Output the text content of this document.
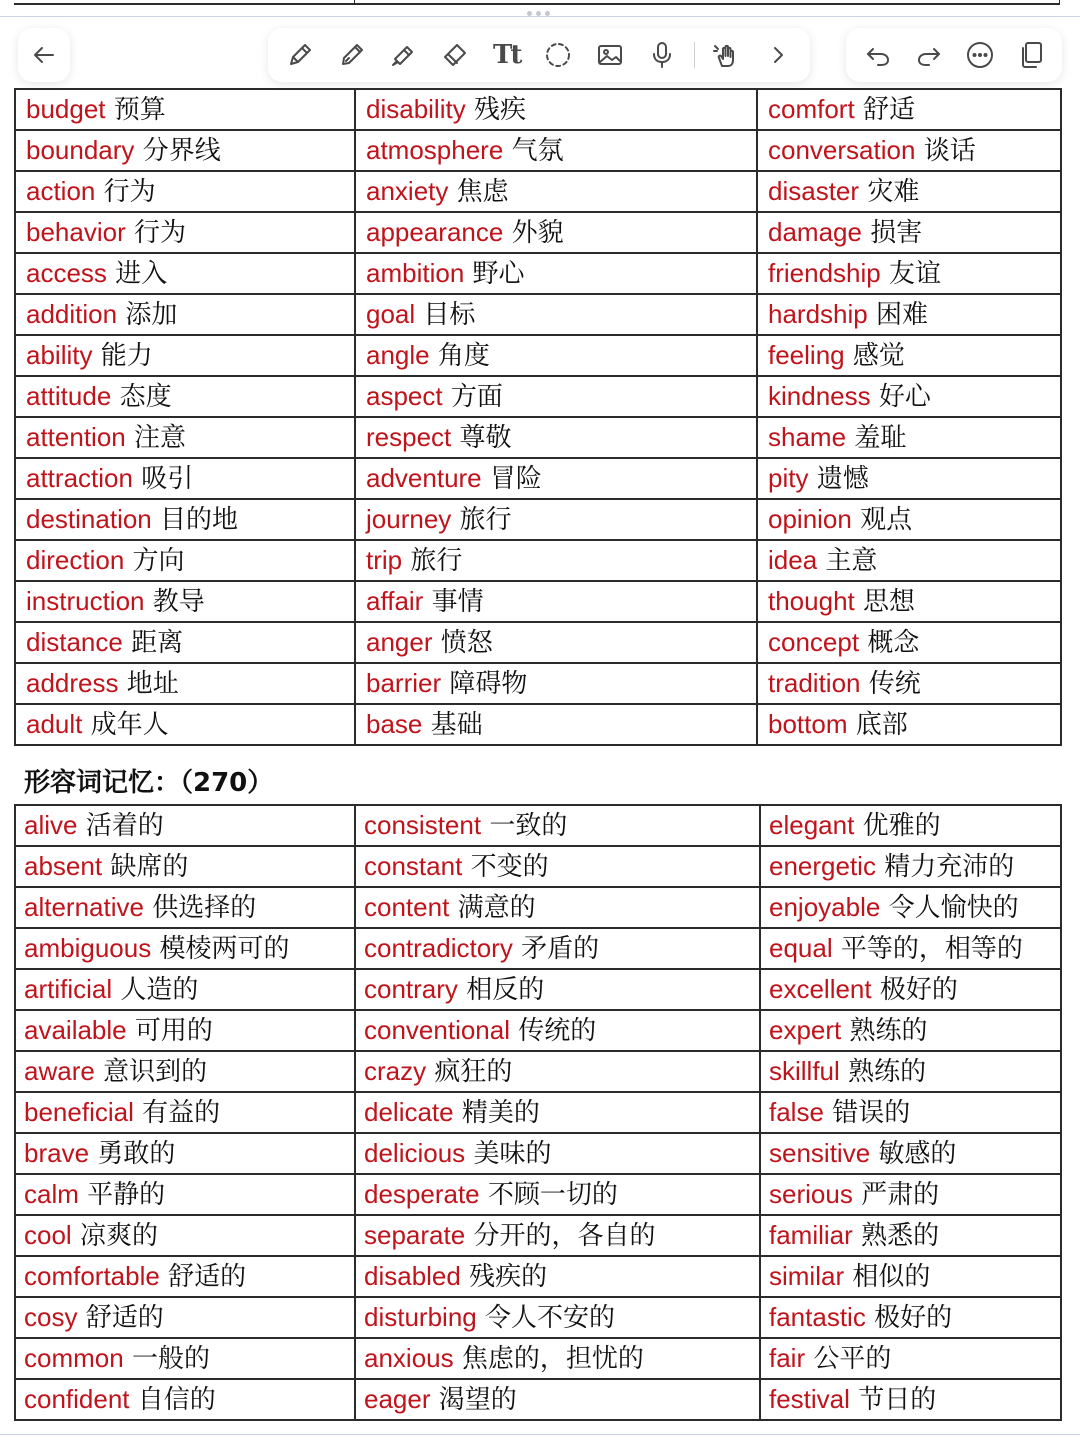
Tt
budget 预算	disability 残疾	comfort 舒适
boundary 分界线	atmosphere 气氛	conversation 谈话
action 行为	anxiety 焦虑	disaster 灾难
behavior 行为	appearance 外貌	damage 损害
access 进入	ambition 野心	friendship 友谊
addition 添加	goal 目标	hardship 困难
ability 能力	angle 角度	feeling 感觉
attitude 态度	aspect 方面	kindness 好心
attention 注意	respect 尊敬	shame 羞耻
attraction 吸引	adventure 冒险	pity 遗憾
destination 目的地	journey 旅行	opinion 观点
direction 方向	trip 旅行	idea 主意
instruction 教导	affair 事情	thought 思想
distance 距离	anger 愤怒	concept 概念
address 地址	barrier 障碍物	tradition 传统
adult 成年人	base 基础	bottom 底部
形容词记忆：（270）
alive 活着的	consistent 一致的	elegant 优雅的
absent 缺席的	constant 不变的	energetic 精力充沛的
alternative 供选择的	content 满意的	enjoyable 令人愉快的
ambiguous 模棱两可的	contradictory 矛盾的	equal 平等的，相等的
artificial 人造的	contrary 相反的	excellent 极好的
available 可用的	conventional 传统的	expert 熟练的
aware 意识到的	crazy 疯狂的	skillful 熟练的
beneficial 有益的	delicate 精美的	false 错误的
brave 勇敢的	delicious 美味的	sensitive 敏感的
calm 平静的	desperate 不顾一切的	serious 严肃的
cool 凉爽的	separate 分开的，各自的	familiar 熟悉的
comfortable 舒适的	disabled 残疾的	similar 相似的
cosy 舒适的	disturbing 令人不安的	fantastic 极好的
common 一般的	anxious 焦虑的，担忧的	fair 公平的
confident 自信的	eager 渴望的	festival 节日的
